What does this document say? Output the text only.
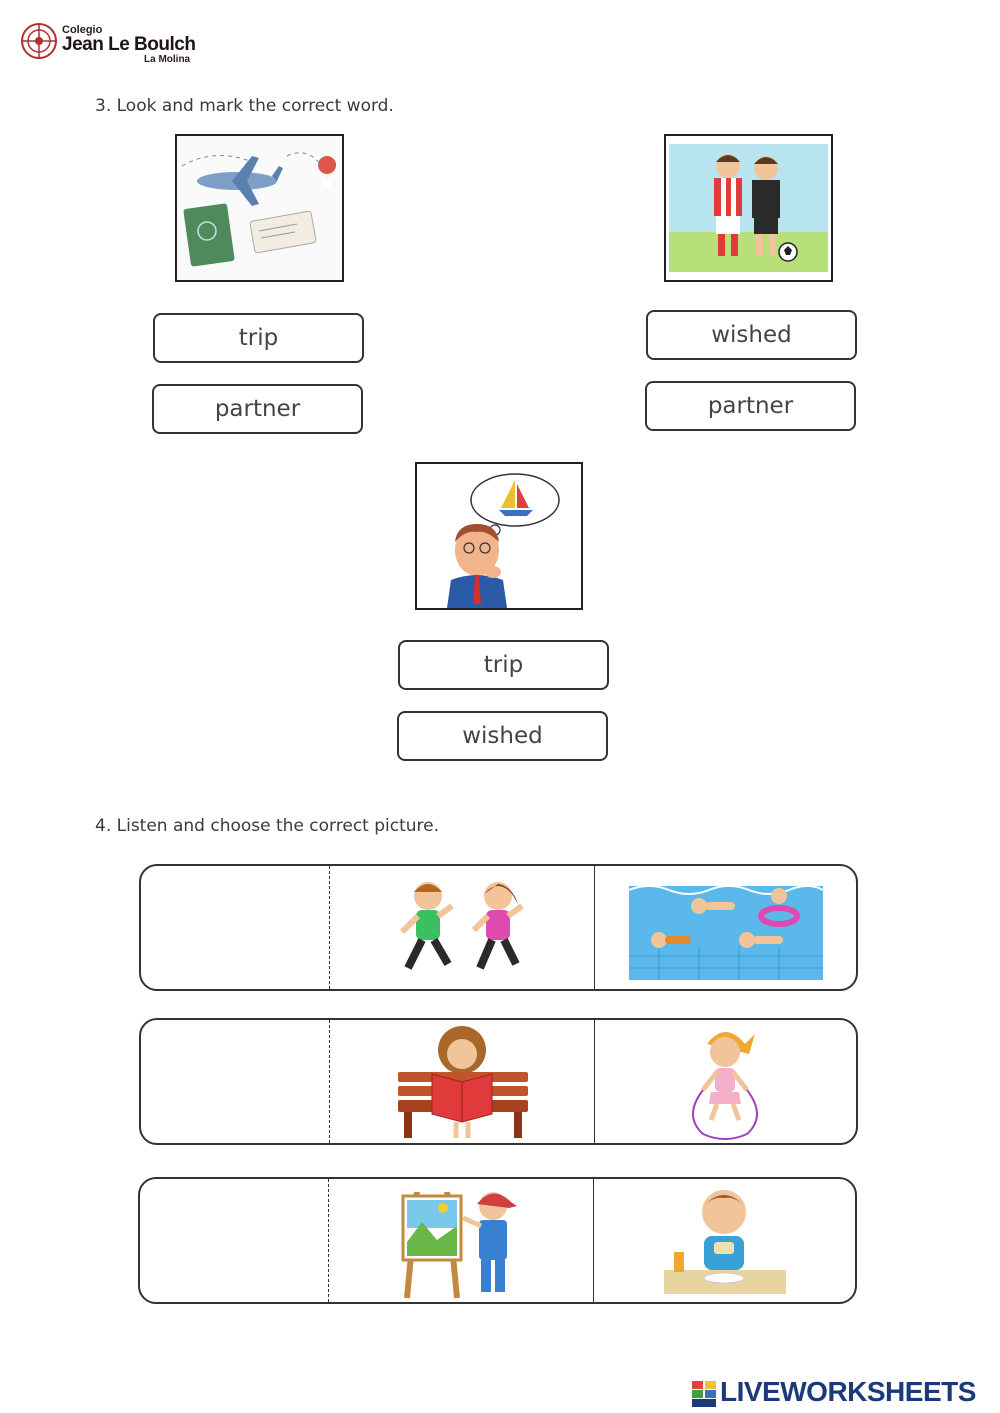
Colegio
Jean Le Boulch
La Molina
3. Look and mark the correct word.
trip
partner
wished
partner
trip
wished
4. Listen and choose the correct picture.
LIVEWORKSHEETS
